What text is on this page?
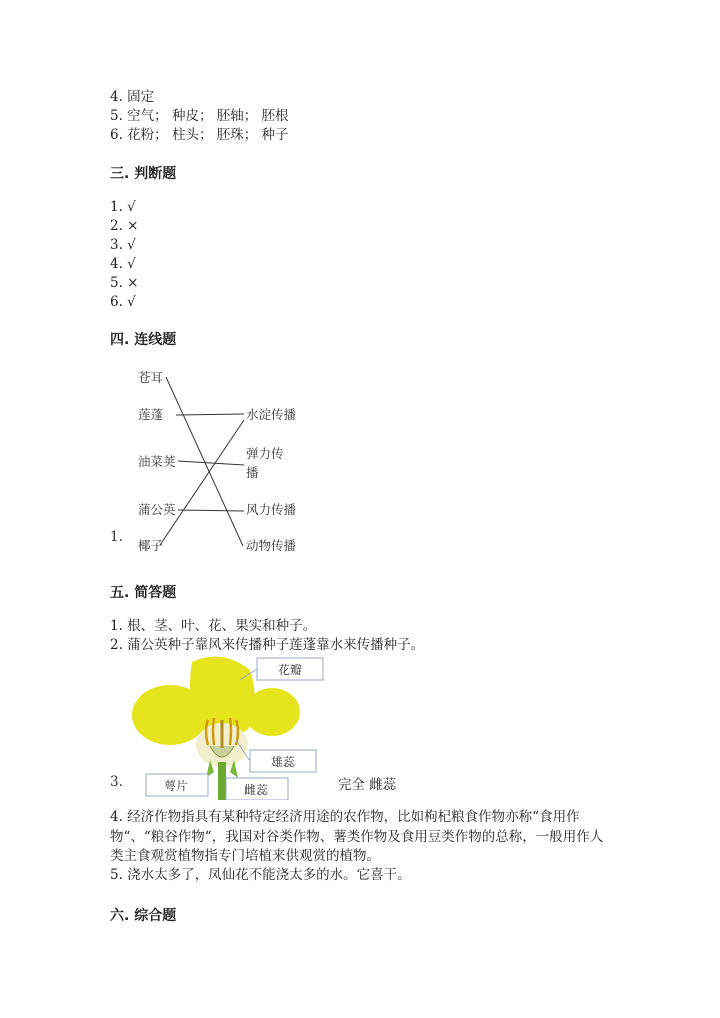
4. 固定
5. 空气； 种皮； 胚轴； 胚根
6. 花粉； 柱头； 胚珠； 种子
三. 判断题
1. √
2. ×
3. √
4. √
5. ×
6. √
四. 连线题
1.
苍耳
莲蓬
油菜荚
蒲公英
椰子
水淀传播
弹力传
播
风力传播
动物传播
五. 简答题
1. 根、茎、叶、花、果实和种子。
2. 蒲公英种子靠风来传播种子莲蓬靠水来传播种子。
3.
花瓣
雄蕊
萼片	雌蕊	完全 雌蕊
4. 经济作物指具有某种特定经济用途的农作物，比如枸杞粮食作物亦称“食用作物“、“粮谷作物“，我国对谷类作物、薯类作物及食用豆类作物的总称，一般用作人类主食观赏植物指专门培植来供观赏的植物。
5. 浇水太多了，凤仙花不能浇太多的水。它喜干。
六. 综合题
